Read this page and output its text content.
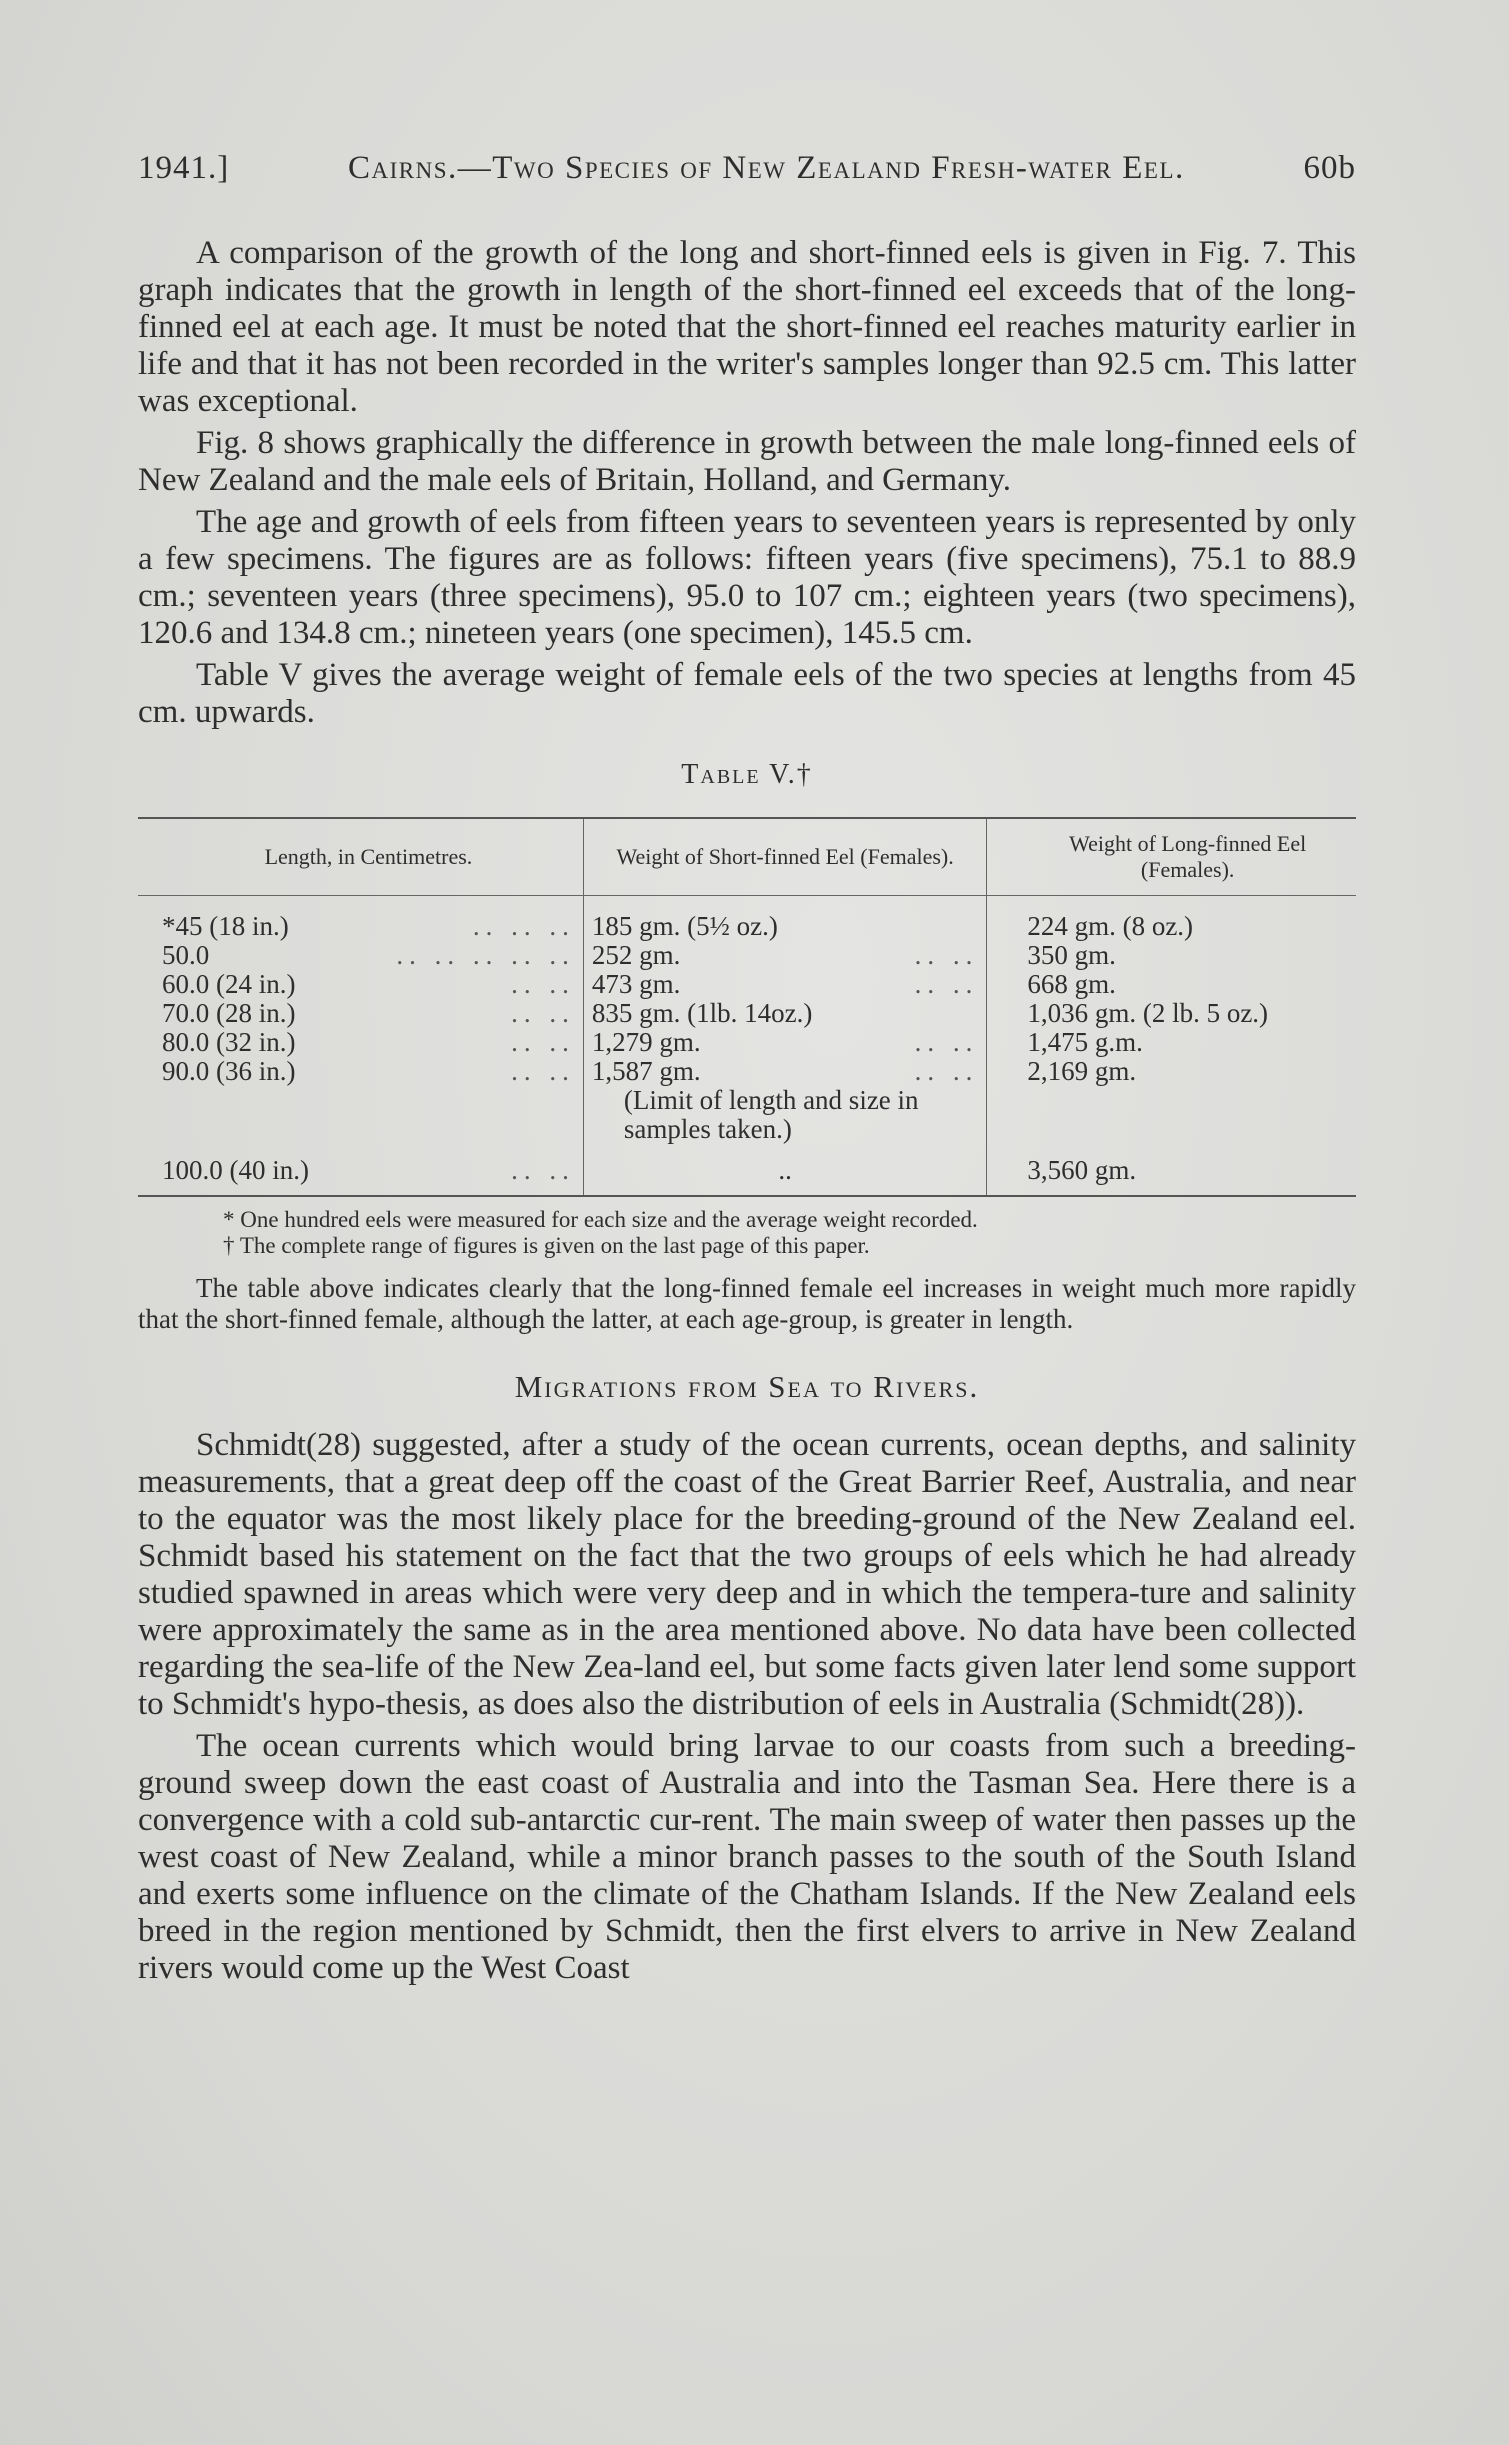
1941.]	Cairns.—Two Species of New Zealand Fresh-water Eel.	60b

A comparison of the growth of the long and short-finned eels is given in Fig. 7. This graph indicates that the growth in length of the short-finned eel exceeds that of the long-finned eel at each age. It must be noted that the short-finned eel reaches maturity earlier in life and that it has not been recorded in the writer's samples longer than 92.5 cm. This latter was exceptional.

Fig. 8 shows graphically the difference in growth between the male long-finned eels of New Zealand and the male eels of Britain, Holland, and Germany.

The age and growth of eels from fifteen years to seventeen years is represented by only a few specimens. The figures are as follows: fifteen years (five specimens), 75.1 to 88.9 cm.; seventeen years (three specimens), 95.0 to 107 cm.; eighteen years (two specimens), 120.6 and 134.8 cm.; nineteen years (one specimen), 145.5 cm.

Table V gives the average weight of female eels of the two species at lengths from 45 cm. upwards.

Table V.†
Length, in Centimetres.	Weight of Short-finned Eel (Females).	Weight of Long-finned Eel (Females).
*45 (18 in.) .. .. ..	185 gm. (5½ oz.)	224 gm. (8 oz.)
50.0 .. .. .. .. ..	252 gm. .. ..	350 gm.
60.0 (24 in.) .. ..	473 gm. .. ..	668 gm.
70.0 (28 in.) .. ..	835 gm. (1lb. 14oz.)	1,036 gm. (2 lb. 5 oz.)
80.0 (32 in.) .. ..	1,279 gm. .. ..	1,475 g.m.
90.0 (36 in.) .. ..	1,587 gm. .. ..	2,169 gm.
	(Limit of length and size in samples taken.)	
100.0 (40 in.) .. ..	..	3,560 gm.
* One hundred eels were measured for each size and the average weight recorded.
† The complete range of figures is given on the last page of this paper.

The table above indicates clearly that the long-finned female eel increases in weight much more rapidly that the short-finned female, although the latter, at each age-group, is greater in length.

Migrations from Sea to Rivers.

Schmidt(28) suggested, after a study of the ocean currents, ocean depths, and salinity measurements, that a great deep off the coast of the Great Barrier Reef, Australia, and near to the equator was the most likely place for the breeding-ground of the New Zealand eel. Schmidt based his statement on the fact that the two groups of eels which he had already studied spawned in areas which were very deep and in which the tempera-ture and salinity were approximately the same as in the area mentioned above. No data have been collected regarding the sea-life of the New Zea-land eel, but some facts given later lend some support to Schmidt's hypo-thesis, as does also the distribution of eels in Australia (Schmidt(28)).

The ocean currents which would bring larvae to our coasts from such a breeding-ground sweep down the east coast of Australia and into the Tasman Sea. Here there is a convergence with a cold sub-antarctic cur-rent. The main sweep of water then passes up the west coast of New Zealand, while a minor branch passes to the south of the South Island and exerts some influence on the climate of the Chatham Islands. If the New Zealand eels breed in the region mentioned by Schmidt, then the first elvers to arrive in New Zealand rivers would come up the West Coast
